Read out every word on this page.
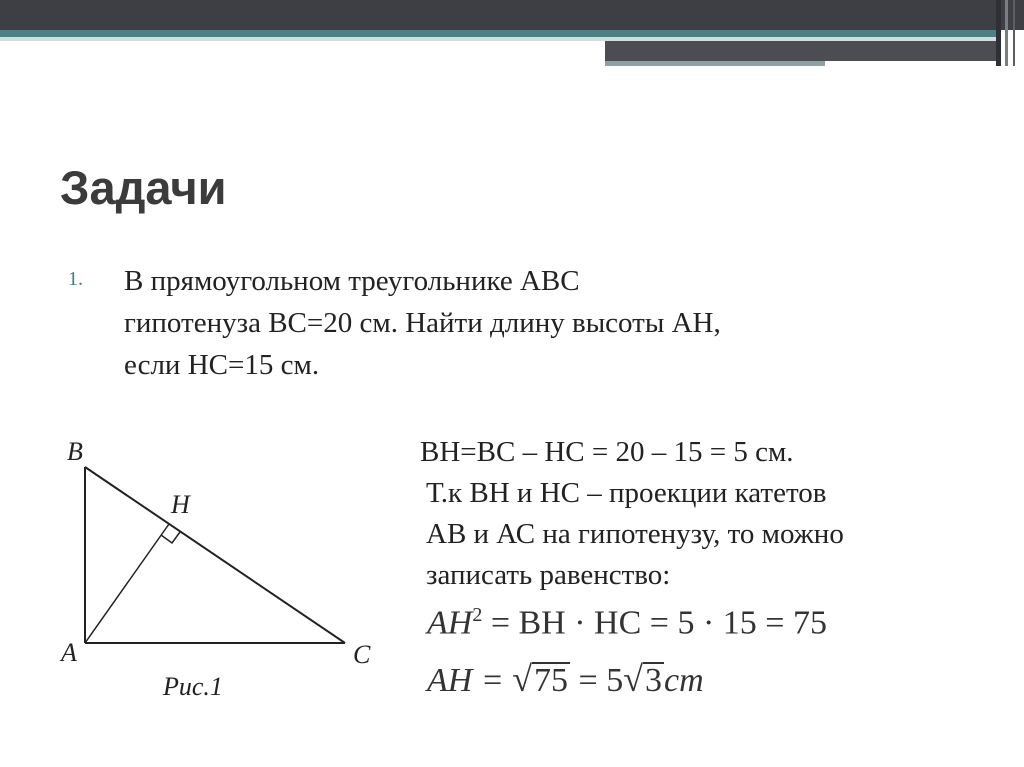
Задачи
1. В прямоугольном треугольнике АВС
гипотенуза ВС=20 см. Найти длину высоты АН,
если НС=15 см.
ВН=ВС – НС = 20 – 15 = 5 см.
Т.к ВН и НС – проекции катетов
АВ и АС на гипотенузу, то можно
записать равенство:
$AH^2$ = BH · HC = 5 · 15 = 75
AH = √75 = 5√3cm
B
H
A	C
Рис.1
